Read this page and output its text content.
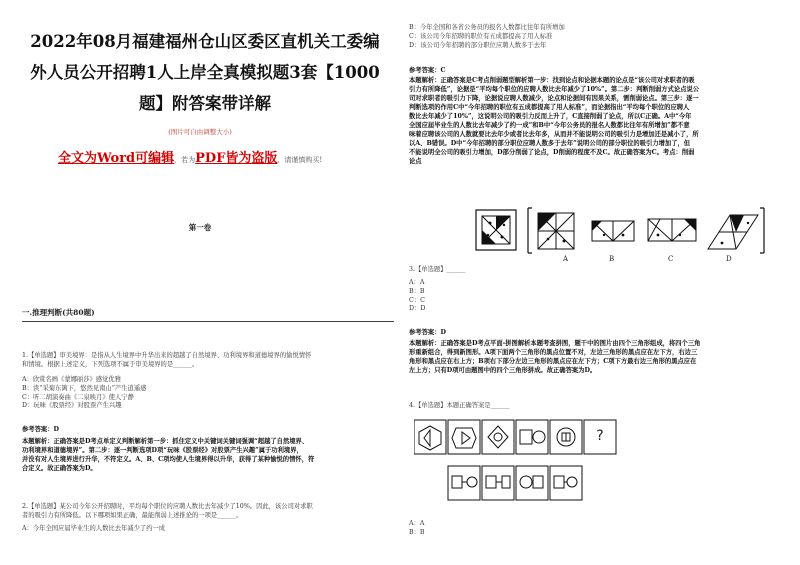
2022年08月福建福州仓山区委区直机关工委编
外人员公开招聘1人上岸全真模拟题3套【1000
题】附答案带详解
(图片可自由调整大小)
全文为Word可编辑，若为PDF皆为盗版，请谨慎购买!
第一卷
一.推理判断(共80题)
1.【单选题】审美境界：是指从人生境界中升华出来的超越了自然境界、功利境界和道德境界的愉悦情怀
和情境。根据上述定义，下列选项不属于审美境界的是______。
A：欣赏名画《蒙娜丽莎》感觉优雅
B：读“采菊东篱下，悠然见南山”产生逍遥感
C：听二胡演奏曲《二泉映月》使人宁静
D：玩味《股票经》对股票产生兴趣
参考答案：D
本题解析：正确答案是D考点单定义判断解析第一步：抓住定义中关键词关键词强调“超越了自然境界、
功利境界和道德境界”。第二步：逐一判断选项D项“玩味《股票经》对股票产生兴趣”属于功利境界，
并没有对人生境界进行升华，不符定义。A、B、C项均使人生境界得以升华，获得了某种愉悦的情怀，符
合定义。故正确答案为D。
2.【单选题】某公司今年公开招聘时，平均每个职位的应聘人数比去年减少了10%。因此，该公司对求职
者的吸引力有所降低。以下哪项如果正确，最能削弱上述推论的一项是______。
A：今年全国应届毕业生的人数比去年减少了约一成
B：今年全国和各省公务员的报名人数都比往年有所增加
C：该公司今年招聘的职位有五成都提高了用人标准
D：该公司今年招聘的部分职位应聘人数多于去年
参考答案：C
本题解析：正确答案是C考点削弱题型解析第一步：找到论点和论据本题的论点是“该公司对求职者的吸
引力有所降低”，论据是“平均每个职位的应聘人数比去年减少了10%”。第二步：判断削弱方式论点说公
司对求职者的吸引力下降，论据说应聘人数减少，论点和论据间有因果关系，需削弱论点。第三步：逐一
判断选项的作用C中“今年招聘的职位有五成都提高了用人标准”，而论据指出“平均每个职位的应聘人
数比去年减少了10%”，这说明公司的吸引力反而上升了，C直接削弱了论点，所以C正确。A中“今年
全国应届毕业生的人数比去年减少了约一成”和B中“今年公务员的报名人数都比往年有所增加”都不意
味着应聘该公司的人数就要比去年少或者比去年多，从而并不能说明公司的吸引力是增加还是减小了，所
以A、B错误。D中“今年招聘的部分职位应聘人数多于去年”说明公司的部分职位的吸引力增加了，但
不能说明全公司的吸引力增加，D部分削弱了论点，D削弱的程度不及C。故正确答案为C。考点：削弱
论点
A	B	C	D
3.【单选题】______
A：A
B：B
C：C
D：D
参考答案：D
本题解析：正确答案是D考点平面-拼图解析本题考查拼图，题干中的图片由四个三角形组成，将四个三角
形重新组合，得到新图形。A项下面两个三角形的黑点位置不对，左边三角形的黑点应在左下方，右边三
角形和黑点应在右上方；B项右下部分左边三角形的黑点应在左下方；C项下方最右边三角形的黑点应在
左上方；只有D项可由题图中的四个三角形拼成。故正确答案为D。
4.【单选题】本题正确答案是______
?
A：A
B：B
